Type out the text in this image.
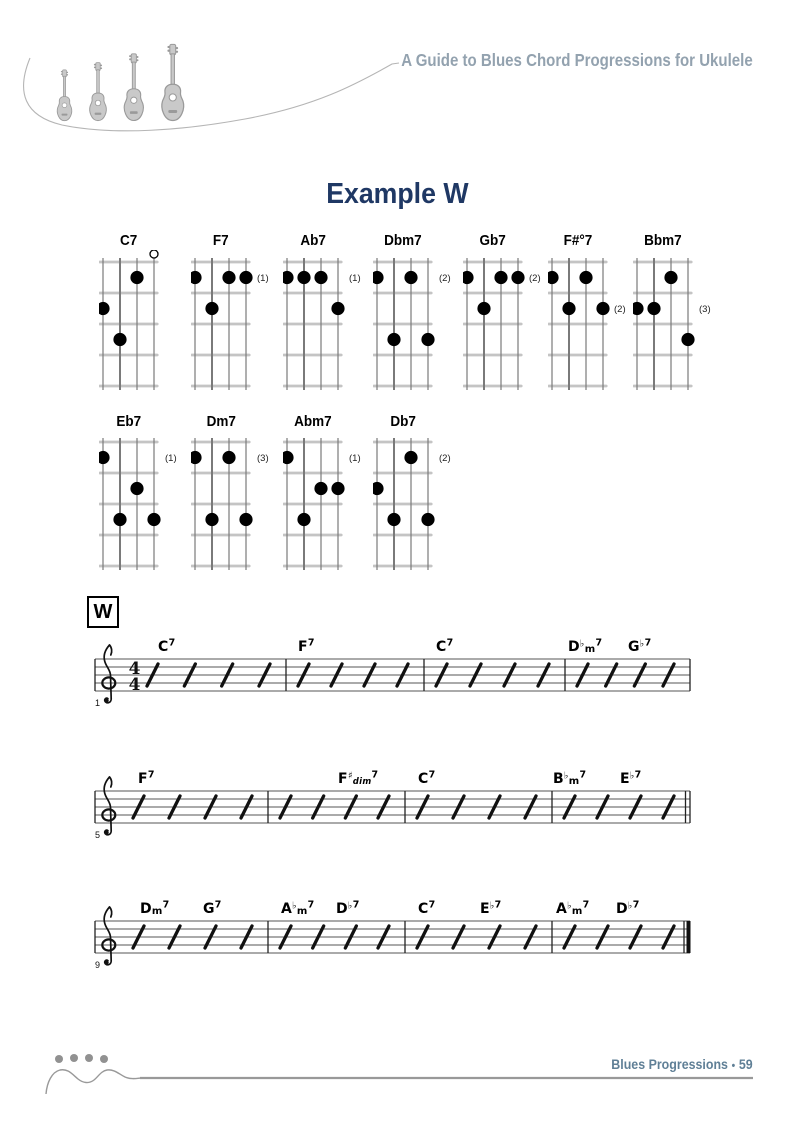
A Guide to Blues Chord Progressions for Ukulele
Example W
C7	F7
(1)
Ab7
(1)
Dbm7
(2)
Gb7
(2)
F#°7
(2)
Bbm7
(3)
Eb7
(1)
Dm7
(3)
Abm7
(1)
Db7
(2)
W
4
4
1
$C^7$	$F^7$	$C^7$	$D^♭_m^7$ G♭7
5
$F^7$	$F^♯_{dim}^7$	$C^7$	$B^♭_m^7$ E♭7
9
Dm$^7$ $G^7$	$A^♭_m^7$ D♭7	$C^7$	E♭7	$A^♭_m^7$ D♭7
Blues Progressions • 59
